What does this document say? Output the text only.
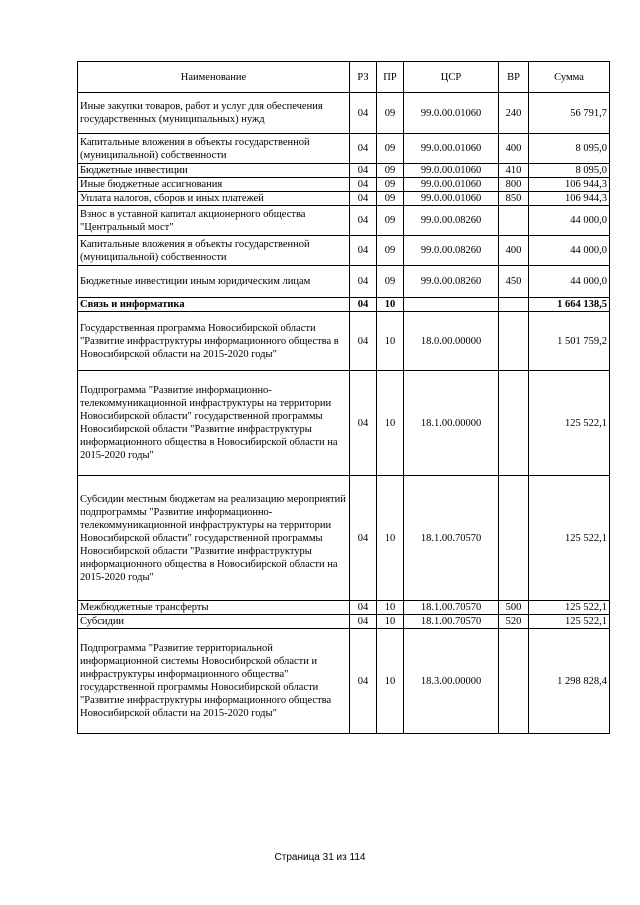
Наименование	РЗ	ПР	ЦСР	ВР	Сумма
Иные закупки товаров, работ и услуг для обеспечения государственных (муниципальных) нужд	04	09	99.0.00.01060	240	56 791,7
Капитальные вложения в объекты государственной (муниципальной) собственности	04	09	99.0.00.01060	400	8 095,0
Бюджетные инвестиции	04	09	99.0.00.01060	410	8 095,0
Иные бюджетные ассигнования	04	09	99.0.00.01060	800	106 944,3
Уплата налогов, сборов и иных платежей	04	09	99.0.00.01060	850	106 944,3
Взнос в уставной капитал акционерного общества "Центральный мост"	04	09	99.0.00.08260		44 000,0
Капитальные вложения в объекты государственной (муниципальной) собственности	04	09	99.0.00.08260	400	44 000,0
Бюджетные инвестиции иным юридическим лицам	04	09	99.0.00.08260	450	44 000,0
Связь и информатика	04	10			1 664 138,5
Государственная программа Новосибирской области "Развитие инфраструктуры информационного общества в Новосибирской области на 2015-2020 годы"	04	10	18.0.00.00000		1 501 759,2
Подпрограмма "Развитие информационно-телекоммуникационной инфраструктуры на территории Новосибирской области" государственной программы Новосибирской области "Развитие инфраструктуры информационного общества в Новосибирской области на 2015-2020 годы"	04	10	18.1.00.00000		125 522,1
Субсидии местным бюджетам на реализацию мероприятий подпрограммы "Развитие информационно-телекоммуникационной инфраструктуры на территории Новосибирской области" государственной программы Новосибирской области "Развитие инфраструктуры информационного общества в Новосибирской области на 2015-2020 годы"	04	10	18.1.00.70570		125 522,1
Межбюджетные трансферты	04	10	18.1.00.70570	500	125 522,1
Субсидии	04	10	18.1.00.70570	520	125 522,1
Подпрограмма "Развитие территориальной информационной системы Новосибирской области и инфраструктуры информационного общества" государственной программы Новосибирской области "Развитие инфраструктуры информационного общества Новосибирской области на 2015-2020 годы"	04	10	18.3.00.00000		1 298 828,4
Страница 31 из 114
